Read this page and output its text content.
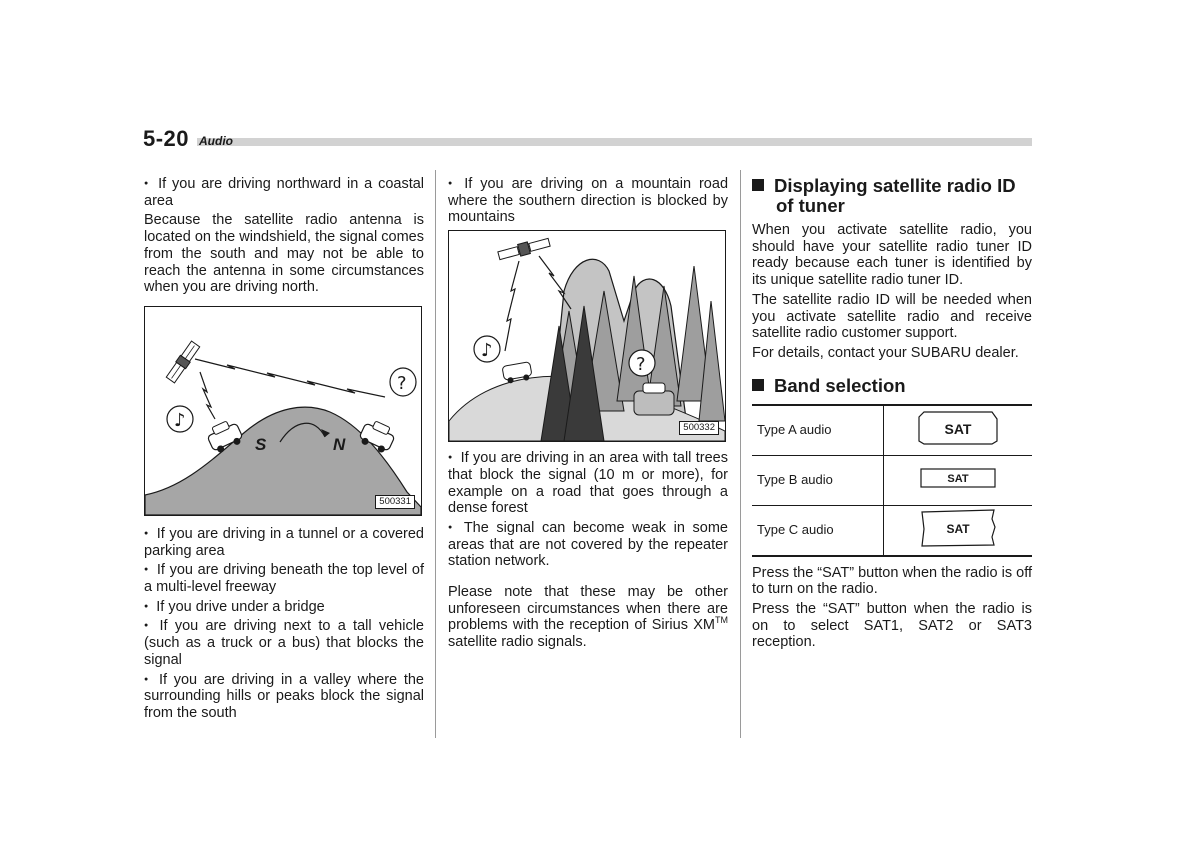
5-20 Audio

● If you are driving northward in a coastal area

Because the satellite radio antenna is located on the windshield, the signal comes from the south and may not be able to reach the antenna in some circumstances when you are driving north.

♪
?
S	N
500331

● If you are driving in a tunnel or a covered parking area

● If you are driving beneath the top level of a multi-level freeway

● If you drive under a bridge

● If you are driving next to a tall vehicle (such as a truck or a bus) that blocks the signal

● If you are driving in a valley where the surrounding hills or peaks block the signal from the south

● If you are driving on a mountain road where the southern direction is blocked by mountains

♪
?
500332

● If you are driving in an area with tall trees that block the signal (10 m or more), for example on a road that goes through a dense forest

● The signal can become weak in some areas that are not covered by the repeater station network.

Please note that these may be other unforeseen circumstances when there are problems with the reception of Sirius XM™ satellite radio signals.

Displaying satellite radio ID of tuner

When you activate satellite radio, you should have your satellite radio tuner ID ready because each tuner is identified by its unique satellite radio tuner ID.

The satellite radio ID will be needed when you activate satellite radio and receive satellite radio customer support.

For details, contact your SUBARU dealer.

Band selection
Type A audio	SAT

Type B audio	SAT

Type C audio	SAT

Press the “SAT” button when the radio is off to turn on the radio.

Press the “SAT” button when the radio is on to select SAT1, SAT2 or SAT3 reception.
